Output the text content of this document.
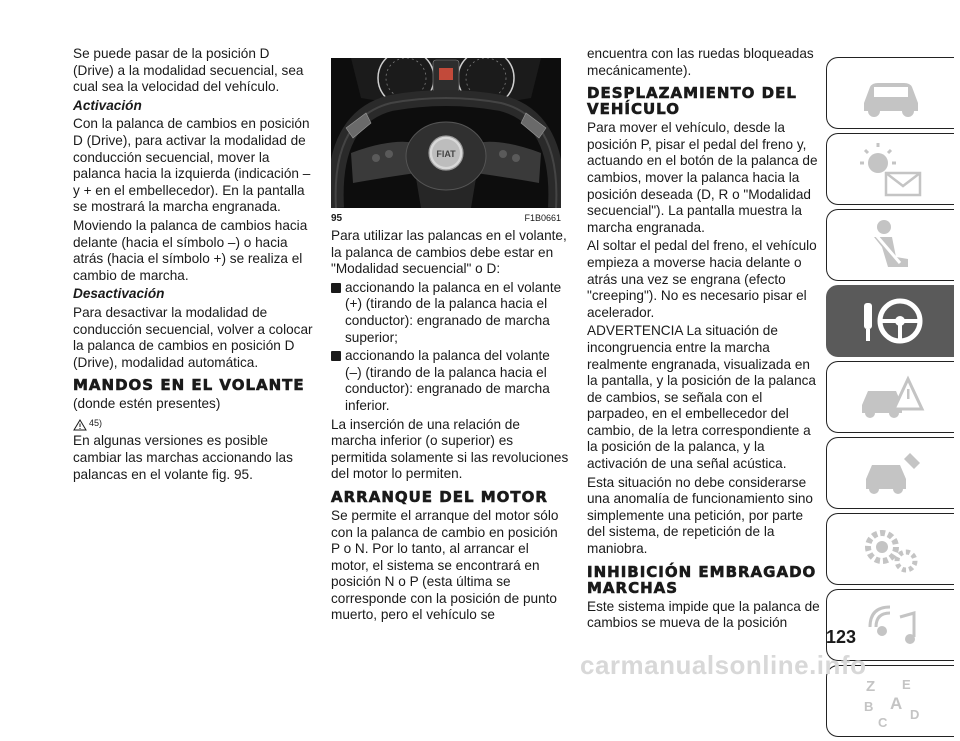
Se puede pasar de la posición D (Drive) a la modalidad secuencial, sea cual sea la velocidad del vehículo.

Activación

Con la palanca de cambios en posición D (Drive), para activar la modalidad de conducción secuencial, mover la palanca hacia la izquierda (indicación – y + en el embellecedor). En la pantalla se mostrará la marcha engranada.

Moviendo la palanca de cambios hacia delante (hacia el símbolo –) o hacia atrás (hacia el símbolo +) se realiza el cambio de marcha.

Desactivación

Para desactivar la modalidad de conducción secuencial, volver a colocar la palanca de cambios en posición D (Drive), modalidad automática.

MANDOS EN EL VOLANTE

(donde estén presentes)

45)

En algunas versiones es posible cambiar las marchas accionando las palancas en el volante fig. 95.

FIAT
95	F1B0661

Para utilizar las palancas en el volante, la palanca de cambios debe estar en "Modalidad secuencial" o D:

accionando la palanca en el volante (+) (tirando de la palanca hacia el conductor): engranado de marcha superior;
accionando la palanca del volante (–) (tirando de la palanca hacia el conductor): engranado de marcha inferior.

La inserción de una relación de marcha inferior (o superior) es permitida solamente si las revoluciones del motor lo permiten.

ARRANQUE DEL MOTOR

Se permite el arranque del motor sólo con la palanca de cambio en posición P o N. Por lo tanto, al arrancar el motor, el sistema se encontrará en posición N o P (esta última se corresponde con la posición de punto muerto, pero el vehículo se

encuentra con las ruedas bloqueadas mecánicamente).

DESPLAZAMIENTO DEL VEHÍCULO

Para mover el vehículo, desde la posición P, pisar el pedal del freno y, actuando en el botón de la palanca de cambios, mover la palanca hacia la posición deseada (D, R o "Modalidad secuencial"). La pantalla muestra la marcha engranada.

Al soltar el pedal del freno, el vehículo empieza a moverse hacia delante o atrás una vez se engrana (efecto "creeping"). No es necesario pisar el acelerador.

ADVERTENCIA La situación de incongruencia entre la marcha realmente engranada, visualizada en la pantalla, y la posición de la palanca de cambios, se señala con el parpadeo, en el embellecedor del cambio, de la letra correspondiente a la posición de la palanca, y la activación de una señal acústica.

Esta situación no debe considerarse una anomalía de funcionamiento sino simplemente una petición, por parte del sistema, de repetición de la maniobra.

INHIBICIÓN EMBRAGADO MARCHAS

Este sistema impide que la palanca de cambios se mueva de la posición

Z E
B A
C
D
123
carmanualsonline.info
